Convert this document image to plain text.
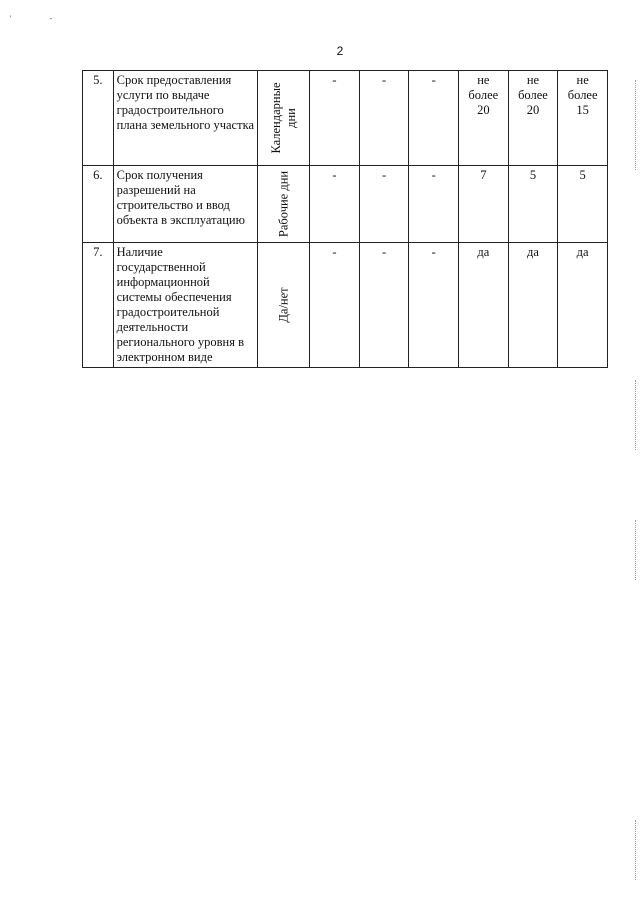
' -
2
5.	Срок предоставления услуги по выдаче градостроительного плана земельного участка	Календарные дни	-	-	-	не более 20	не более 20	не более 15
6.	Срок получения разрешений на строительство и ввод объекта в эксплуатацию	Рабочие дни	-	-	-	7	5	5
7.	Наличие государственной информационной системы обеспечения градостроительной деятельности регионального уровня в электронном виде	Да/нет	-	-	-	да	да	да
